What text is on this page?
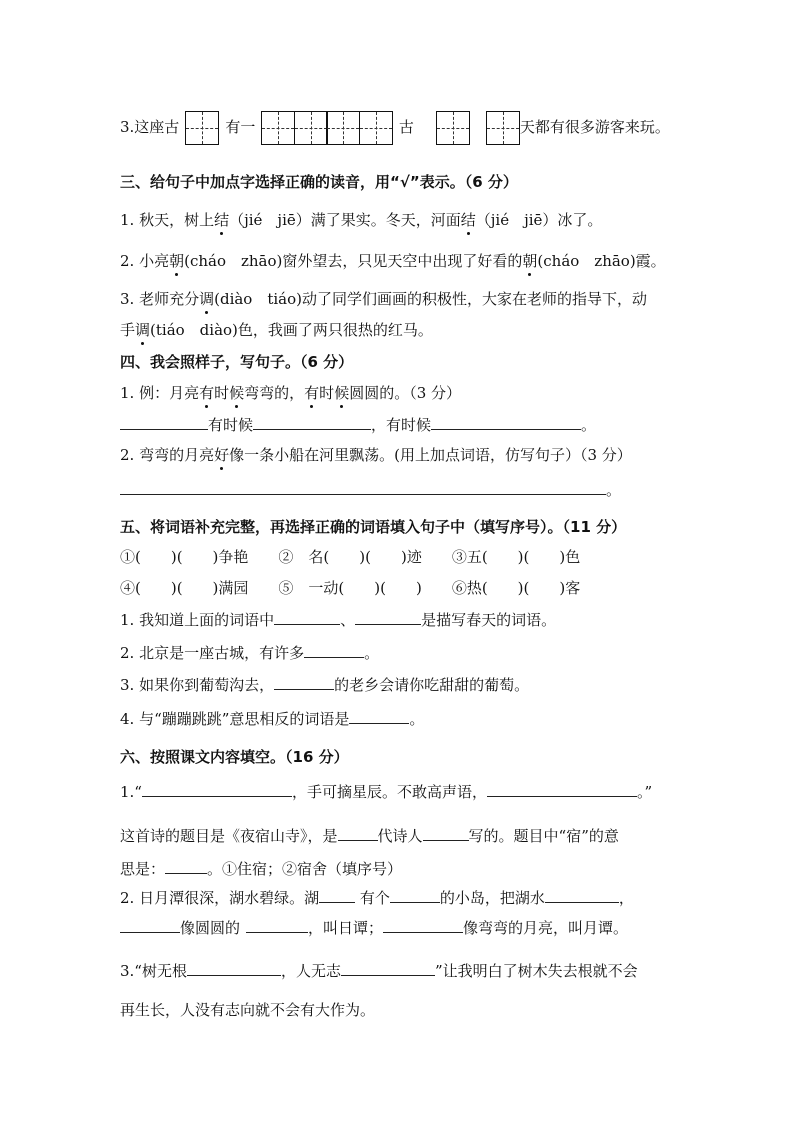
3.这座古	有一	古	天都有很多游客来玩。
三、给句子中加点字选择正确的读音，用“√”表示。（6 分）
1. 秋天，树上结（jié　jiē）满了果实。冬天，河面结（jié　jiē）冰了。
2. 小亮朝(cháo　zhāo)窗外望去，只见天空中出现了好看的朝(cháo　zhāo)霞。
3. 老师充分调(diào　tiáo)动了同学们画画的积极性，大家在老师的指导下，动
手调(tiáo　diào)色，我画了两只很热的红马。
四、我会照样子，写句子。（6 分）
1. 例：月亮有时候弯弯的，有时候圆圆的。（3 分）
有时候	，有时候	。
2. 弯弯的月亮好像一条小船在河里飘荡。(用上加点词语，仿写句子）（3 分）
。
五、将词语补充完整，再选择正确的词语填入句子中（填写序号）。（11 分）
①(　　)(　　)争艳　　②　名(　　)(　　)迹　　③五(　　)(　　)色
④(　　)(　　)满园　　⑤　一动(　　)(　　)　　⑥热(　　)(　　)客
1. 我知道上面的词语中	、	是描写春天的词语。
2. 北京是一座古城，有许多	。
3. 如果你到葡萄沟去，	的老乡会请你吃甜甜的葡萄。
4. 与“蹦蹦跳跳”意思相反的词语是	。
六、按照课文内容填空。（16 分）
1.“	，手可摘星辰。不敢高声语，	。”
这首诗的题目是《夜宿山寺》，是	代诗人	写的。题目中“宿”的意
思是：	。①住宿；②宿舍（填序号）
2. 日月潭很深，湖水碧绿。湖 有个	的小岛，把湖水	，
像圆圆的	，叫日谭；	像弯弯的月亮，叫月谭。
3.“树无根	，人无志	”让我明白了树木失去根就不会
再生长，人没有志向就不会有大作为。
